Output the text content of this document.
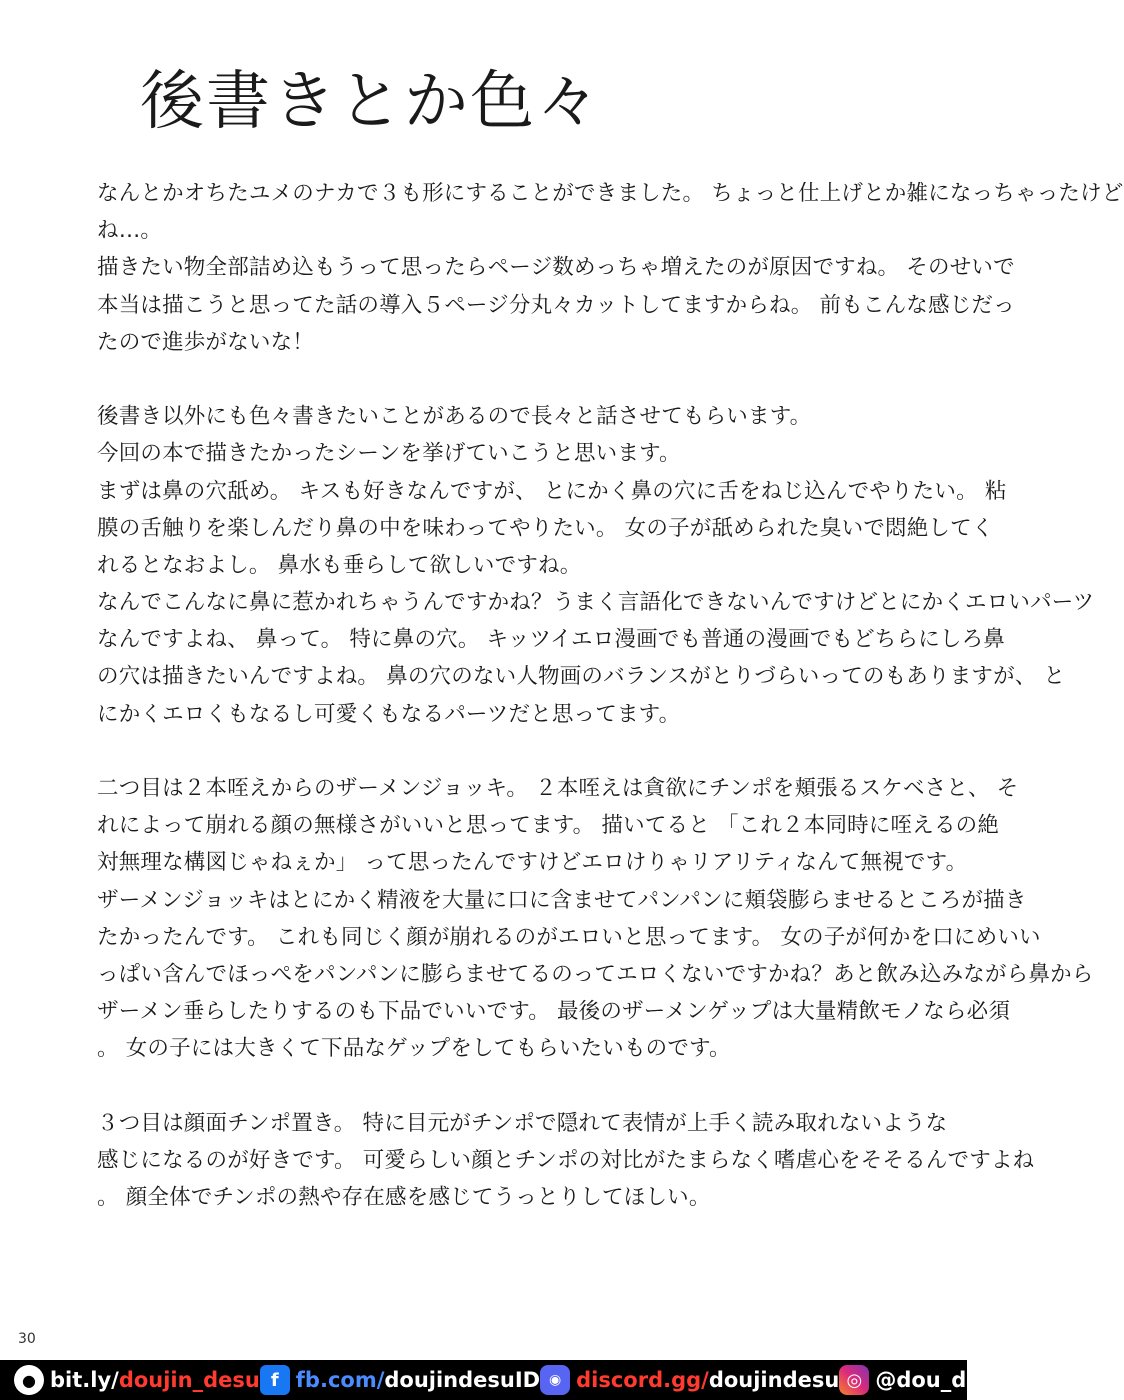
後書きとか色々
なんとかオちたユメのナカで３も形にすることができました。 ちょっと仕上げとか雑になっちゃったけど
ね…。
描きたい物全部詰め込もうって思ったらページ数めっちゃ増えたのが原因ですね。 そのせいで
本当は描こうと思ってた話の導入５ページ分丸々カットしてますからね。 前もこんな感じだっ
たので進歩がないな！
後書き以外にも色々書きたいことがあるので長々と話させてもらいます。
今回の本で描きたかったシーンを挙げていこうと思います。
まずは鼻の穴舐め。 キスも好きなんですが、 とにかく鼻の穴に舌をねじ込んでやりたい。 粘
膜の舌触りを楽しんだり鼻の中を味わってやりたい。 女の子が舐められた臭いで悶絶してく
れるとなおよし。 鼻水も垂らして欲しいですね。
なんでこんなに鼻に惹かれちゃうんですかね？うまく言語化できないんですけどとにかくエロいパーツ
なんですよね、 鼻って。 特に鼻の穴。 キッツイエロ漫画でも普通の漫画でもどちらにしろ鼻
の穴は描きたいんですよね。 鼻の穴のない人物画のバランスがとりづらいってのもありますが、 と
にかくエロくもなるし可愛くもなるパーツだと思ってます。
二つ目は２本咥えからのザーメンジョッキ。 ２本咥えは貪欲にチンポを頬張るスケベさと、 そ
れによって崩れる顔の無様さがいいと思ってます。 描いてると 「これ２本同時に咥えるの絶
対無理な構図じゃねぇか」 って思ったんですけどエロけりゃリアリティなんて無視です。
ザーメンジョッキはとにかく精液を大量に口に含ませてパンパンに頬袋膨らませるところが描き
たかったんです。 これも同じく顔が崩れるのがエロいと思ってます。 女の子が何かを口にめいい
っぱい含んでほっぺをパンパンに膨らませてるのってエロくないですかね？あと飲み込みながら鼻から
ザーメン垂らしたりするのも下品でいいです。 最後のザーメンゲップは大量精飲モノなら必須
。 女の子には大きくて下品なゲップをしてもらいたいものです。
３つ目は顔面チンポ置き。 特に目元がチンポで隠れて表情が上手く読み取れないような
感じになるのが好きです。 可愛らしい顔とチンポの対比がたまらなく嗜虐心をそそるんですよね
。 顔全体でチンポの熱や存在感を感じてうっとりしてほしい。
30
● bit.ly/doujin_desu f fb.com/doujindesuID ◉ discord.gg/doujindesu ◎ @dou_desu
